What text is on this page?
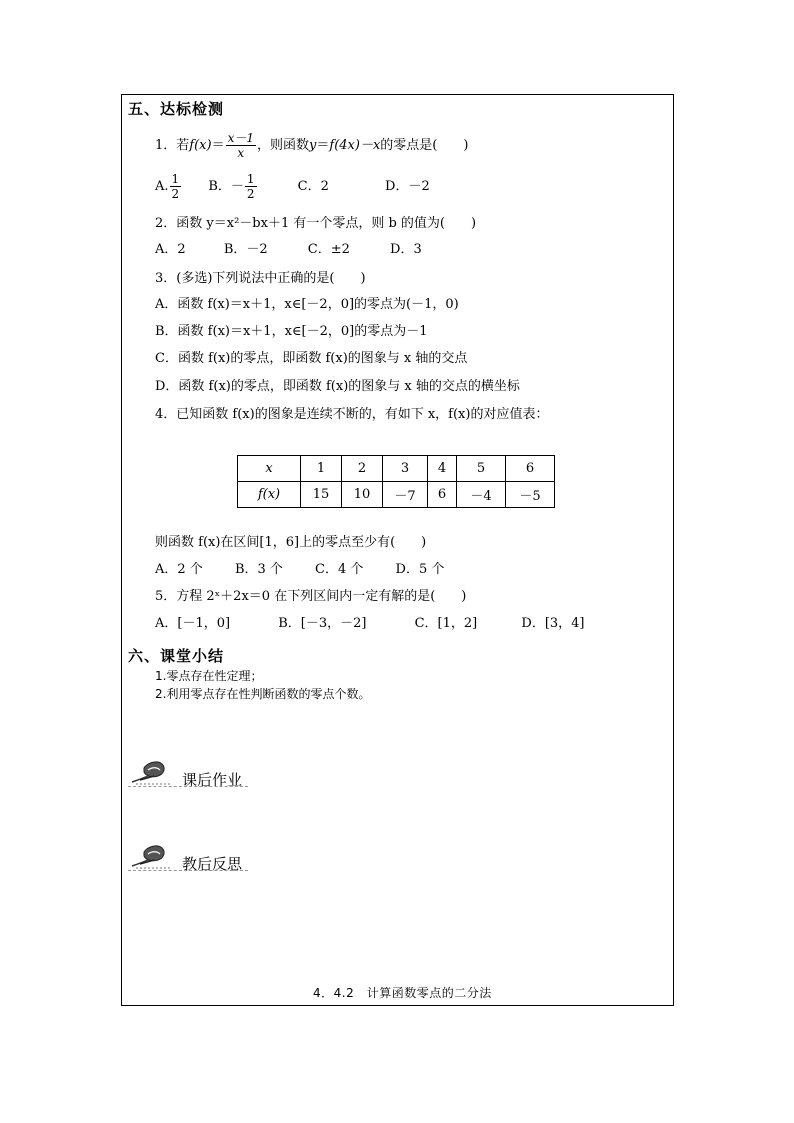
五、达标检测
1．若$f(x)= \frac{x-1}{x}$ ，则函数y＝f(4x)－x的零点是(　　)
A. $\frac{1}{2}$ B．－ $\frac{1}{2}$	C．2	D．－2
2．函数 y＝x²－bx＋1 有一个零点，则 b 的值为(　　)
A．2	B．－2	C．±2	D．3
3．(多选)下列说法中正确的是(　　)
A．函数 f(x)＝x＋1，x∈[－2，0]的零点为(－1，0)
B．函数 f(x)＝x＋1，x∈[－2，0]的零点为－1
C．函数 f(x)的零点，即函数 f(x)的图象与 x 轴的交点
D．函数 f(x)的零点，即函数 f(x)的图象与 x 轴的交点的横坐标
4．已知函数 f(x)的图象是连续不断的，有如下 x，f(x)的对应值表：
x	1	2	3	4	5	6
f(x)	15	10	－7	6	－4	－5
则函数 f(x)在区间[1，6]上的零点至少有(　　)
A．2 个 B．3 个 C．4 个 D．5 个
5．方程 2ˣ＋2x＝0 在下列区间内一定有解的是(　　)
A．[－1，0]	B．[－3，－2]	C．[1，2]	D．[3，4]
六、课堂小结
1.零点存在性定理；
2.利用零点存在性判断函数的零点个数。
课后作业
教后反思
4．4.2　计算函数零点的二分法
